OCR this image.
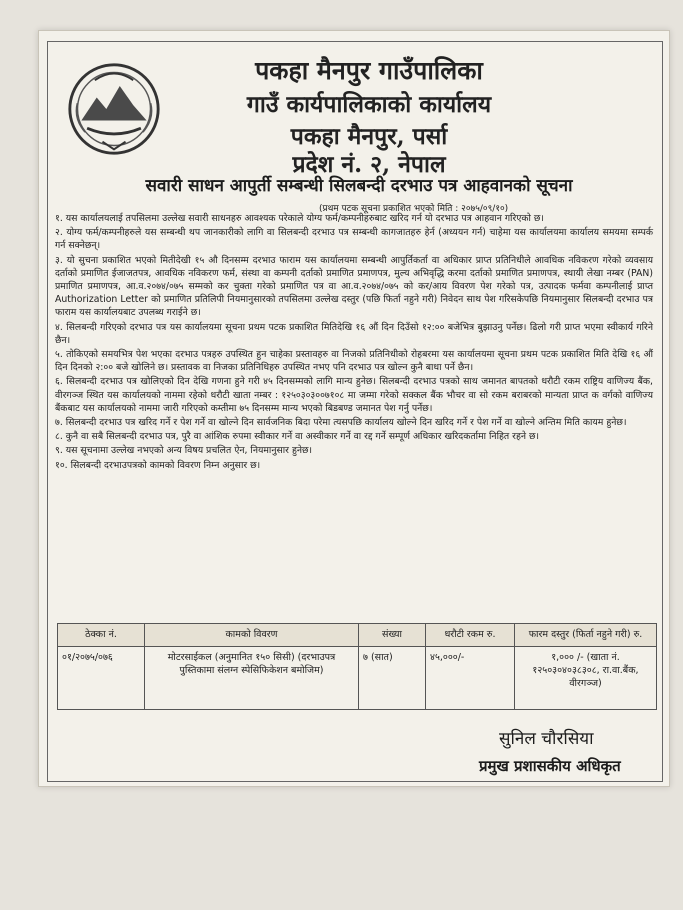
पकहा मैनपुर गाउँपालिका
गाउँ कार्यपालिकाको कार्यालय
पकहा मैनपुर, पर्सा
प्रदेश नं. २, नेपाल
सवारी साधन आपुर्ती सम्बन्धी सिलबन्दी दरभाउ पत्र आहवानको सूचना
(प्रथम पटक सूचना प्रकाशित भएको मिति : २०७५/०९/१०)

१. यस कार्यालयलाई तपसिलमा उल्लेख सवारी साधनहरु आवश्यक परेकाले योग्य फर्म/कम्पनीहरुबाट खरिद गर्न यो दरभाउ पत्र आहवान गरिएको छ।

२. योग्य फर्म/कम्पनीहरुले यस सम्बन्धी थप जानकारीको लागि वा सिलबन्दी दरभाउ पत्र सम्बन्धी कागजातहरु हेर्न (अध्ययन गर्न) चाहेमा यस कार्यालयमा कार्यालय समयमा सम्पर्क गर्न सक्नेछन्।

३. यो सुचना प्रकाशित भएको मितीदेखी १५ औ दिनसम्म दरभाउ फाराम यस कार्यालयमा सम्बन्धी आपुर्तिकर्ता वा अधिकार प्राप्त प्रतिनिधीले आवधिक नविकरण गरेको व्यवसाय दर्ताको प्रमाणित ईजाजतपत्र, आवधिक नविकरण फर्म, संस्था वा कम्पनी दर्ताको प्रमाणित प्रमाणपत्र, मुल्य अभिवृद्धि करमा दर्ताको प्रमाणित प्रमाणपत्र, स्थायी लेखा नम्बर (PAN) प्रमाणित प्रमाणपत्र, आ.व.२०७४/०७५ सम्मको कर चुक्ता गरेको प्रमाणित पत्र वा आ.व.२०७४/०७५ को कर/आय विवरण पेश गरेको पत्र, उत्पादक फर्मवा कम्पनीलाई प्राप्त Authorization Letter को प्रमाणित प्रतिलिपी नियमानुसारको तपसिलमा उल्लेख दस्तुर (पछि फिर्ता नहुने गरी) निवेदन साथ पेश गरिसकेपछि नियमानुसार सिलबन्दी दरभाउ पत्र फाराम यस कार्यालयबाट उपलब्ध गराईने छ।

४. सिलबन्दी गरिएको दरभाउ पत्र यस कार्यालयमा सूचना प्रथम पटक प्रकाशित मितिदेखि १६ औं दिन दिउँसो १२:०० बजेभित्र बुझाउनु पर्नेछ। ढिलो गरी प्राप्त भएमा स्वीकार्य गरिने छैन।

५. तोकिएको समयभित्र पेश भएका दरभाउ पत्रहरु उपस्थित हुन चाहेका प्रस्तावहरु वा निजको प्रतिनिधीको रोहबरमा यस कार्यालयमा सूचना प्रथम पटक प्रकाशित मिति देखि १६ औं दिन दिनको २:०० बजे खोलिने छ। प्रस्तावक वा निजका प्रतिनिधिहरु उपस्थित नभए पनि दरभाउ पत्र खोल्न कुनै बाधा पर्ने छैन।

६. सिलबन्दी दरभाउ पत्र खोलिएको दिन देखि गणना हुने गरी ४५ दिनसम्मको लागि मान्य हुनेछ। सिलबन्दी दरभाउ पत्रको साथ जमानत बापतको धरौटी रकम राष्ट्रिय वाणिज्य बैंक, वीरगञ्ज स्थित यस कार्यालयको नाममा रहेको धरौटी खाता नम्बर : १२५०३०३००७१०८ मा जम्मा गरेको सक्कल बैंक भौचर वा सो रकम बराबरको मान्यता प्राप्त क वर्गको वाणिज्य बैंकबाट यस कार्यालयको नाममा जारी गरिएको कम्तीमा ७५ दिनसम्म मान्य भएको बिडबण्ड जमानत पेश गर्नु पर्नेछ।

७. सिलबन्दी दरभाउ पत्र खरिद गर्ने र पेश गर्ने वा खोल्ने दिन सार्वजनिक बिदा परेमा त्यसपछि कार्यालय खोल्ने दिन खरिद गर्ने र पेश गर्ने वा खोल्ने अन्तिम मिति कायम हुनेछ।

८. कुनै वा सबै सिलबन्दी दरभाउ पत्र, पुरै वा आंशिक रुपमा स्वीकार गर्ने वा अस्वीकार गर्ने वा रद्द गर्ने सम्पूर्ण अधिकार खरिदकर्तामा निहित रहने छ।

९. यस सूचनामा उल्लेख नभएको अन्य विषय प्रचलित ऐन, नियमानुसार हुनेछ।

१०. सिलबन्दी दरभाउपत्रको कामको विवरण निम्न अनुसार छ।

ठेक्का नं.	कामको विवरण	संख्या	धरौटी रकम रु.	फारम दस्तुर (फिर्ता नहुने गरी) रु.
०१/२०७५/०७६	मोटरसाईकल (अनुमानित १५० सिसी) (दरभाउपत्र पुस्तिकामा संलग्न स्पेसिफिकेशन बमोजिम)	७ (सात)	४५,०००/-	१,००० /- (खाता नं. १२५०३०४०३८३०८, रा.वा.बैंक, वीरगञ्ज)
सुनिल चौरसिया
प्रमुख प्रशासकीय अधिकृत
